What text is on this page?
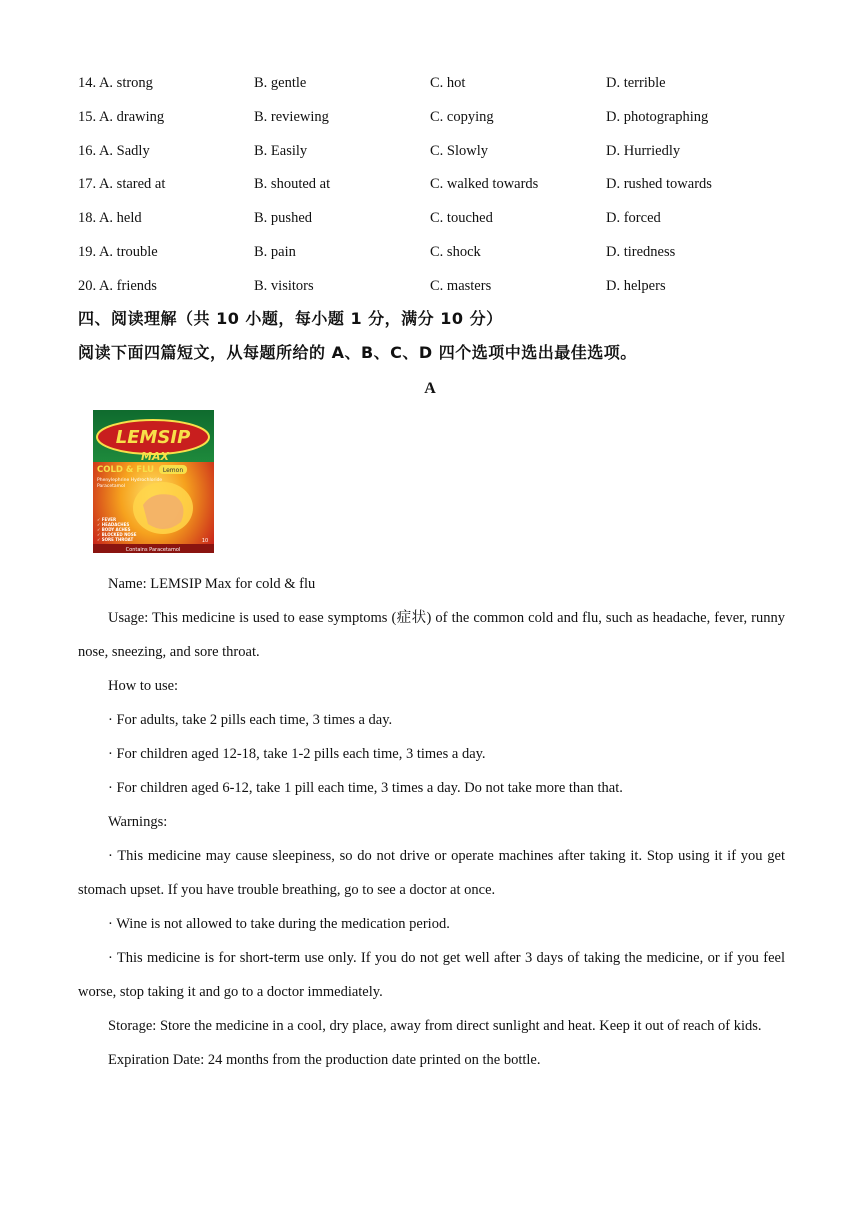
14. A. strong	B. gentle	C. hot	D. terrible
15. A. drawing	B. reviewing	C. copying	D. photographing
16. A. Sadly	B. Easily	C. Slowly	D. Hurriedly
17. A. stared at	B. shouted at	C. walked towards	D. rushed towards
18. A. held	B. pushed	C. touched	D. forced
19. A. trouble	B. pain	C. shock	D. tiredness
20. A. friends	B. visitors	C. masters	D. helpers
四、阅读理解（共 10 小题，每小题 1 分，满分 10 分）
阅读下面四篇短文，从每题所给的 A、B、C、D 四个选项中选出最佳选项。
A
LEMSIP
MAX
COLD & FLU Lemon
Phenylephrine Hydrochloride
Paracetamol
✓ FEVER
✓ HEADACHES
✓ BODY ACHES
✓ BLOCKED NOSE
✓ SORE THROAT
Contains Paracetamol
10

Name: LEMSIP Max for cold & flu

Usage: This medicine is used to ease symptoms (症状) of the common cold and flu, such as headache, fever, runny nose, sneezing, and sore throat.

How to use:

· For adults, take 2 pills each time, 3 times a day.

· For children aged 12-18, take 1-2 pills each time, 3 times a day.

· For children aged 6-12, take 1 pill each time, 3 times a day. Do not take more than that.

Warnings:

· This medicine may cause sleepiness, so do not drive or operate machines after taking it. Stop using it if you get stomach upset. If you have trouble breathing, go to see a doctor at once.

· Wine is not allowed to take during the medication period.

· This medicine is for short-term use only. If you do not get well after 3 days of taking the medicine, or if you feel worse, stop taking it and go to a doctor immediately.

Storage: Store the medicine in a cool, dry place, away from direct sunlight and heat. Keep it out of reach of kids.

Expiration Date: 24 months from the production date printed on the bottle.
